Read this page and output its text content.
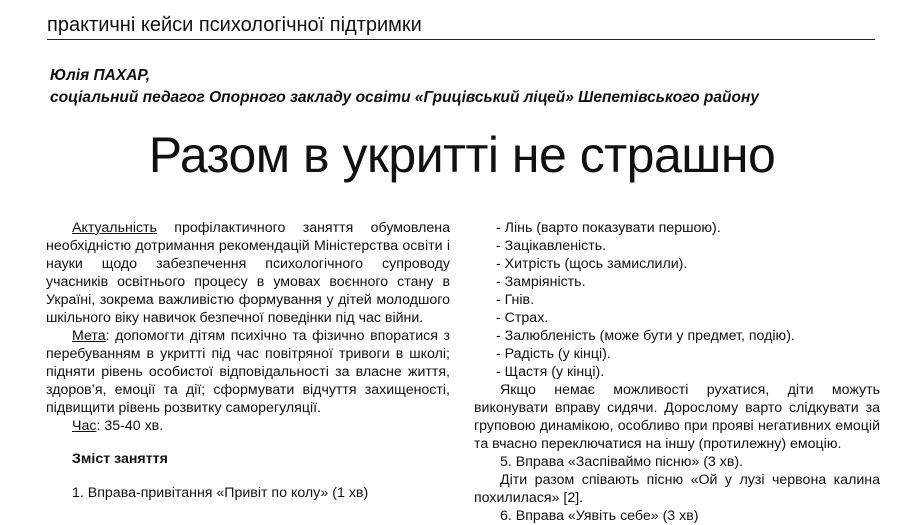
практичні кейси психологічної підтримки
Юлія ПАХАР,
соціальний педагог Опорного закладу освіти «Грицівський ліцей» Шепетівського району
Разом в укритті не страшно

Актуальність профілактичного заняття обумовлена необхідністю дотримання рекомендацій Міністерства освіти і науки щодо забезпечення психологічного супроводу учасників освітнього процесу в умовах воєнного стану в Україні, зокрема важливістю формування у дітей молодшого шкільного віку навичок безпечної поведінки під час війни.

Мета: допомогти дітям психічно та фізично впоратися з перебуванням в укритті під час повітряної тривоги в школі; підняти рівень особистої відповідальності за власне життя, здоров’я, емоції та дії; сформувати відчуття захищеності, підвищити рівень розвитку саморегуляції.

Час: 35-40 хв.

Зміст заняття

1. Вправа-привітання «Привіт по колу» (1 хв)

- Лінь (варто показувати першою).
- Зацікавленість.
- Хитрість (щось замислили).
- Замріяність.
- Гнів.
- Страх.
- Залюбленість (може бути у предмет, подію).
- Радість (у кінці).
- Щастя (у кінці).

Якщо немає можливості рухатися, діти можуть виконувати вправу сидячи. Дорослому варто слідкувати за груповою динамікою, особливо при прояві негативних емоцій та вчасно переключатися на іншу (протилежну) емоцію.

5. Вправа «Заспіваймо пісню» (3 хв).

Діти разом співають пісню «Ой у лузі червона калина похилилася» [2].

6. Вправа «Уявіть себе» (3 хв)
